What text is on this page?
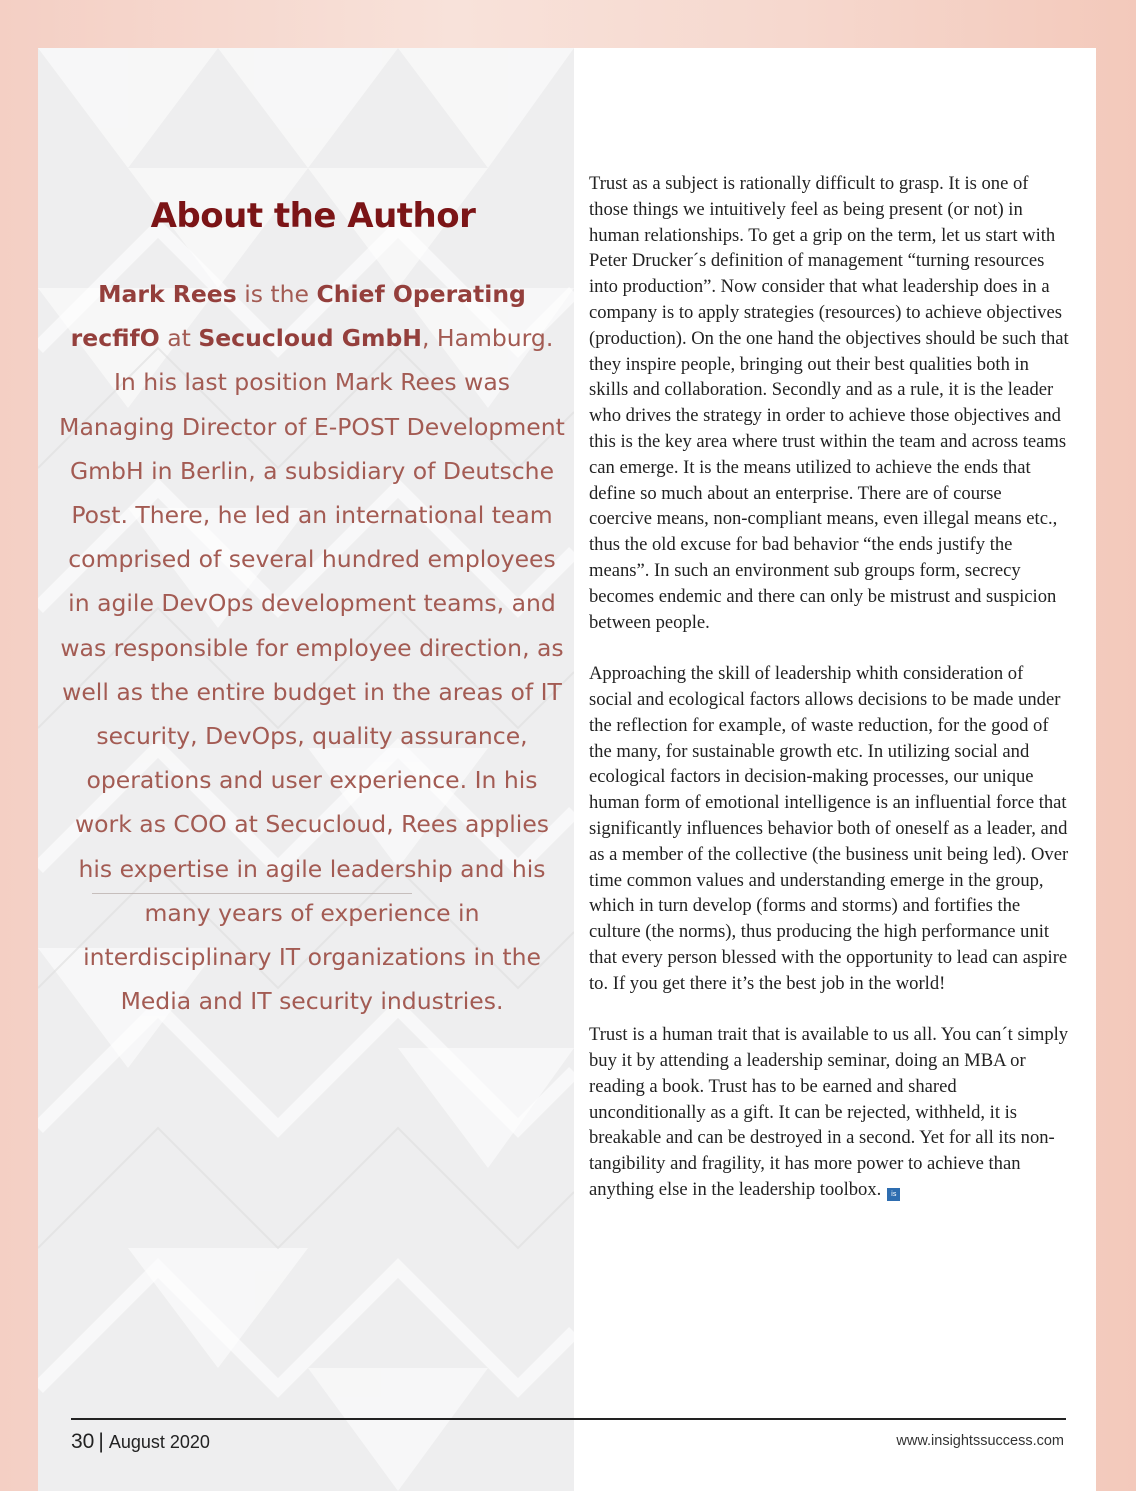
About the Author

Mark Rees is the Chief Operating recfifO at Secucloud GmbH, Hamburg. In his last position Mark Rees was Managing Director of E-POST Development GmbH in Berlin, a subsidiary of Deutsche Post. There, he led an international team comprised of several hundred employees in agile DevOps development teams, and was responsible for employee direction, as well as the entire budget in the areas of IT security, DevOps, quality assurance, operations and user experience. In his work as COO at Secucloud, Rees applies his expertise in agile leadership and his many years of experience in interdisciplinary IT organizations in the Media and IT security industries.

Trust as a subject is rationally difficult to grasp. It is one of those things we intuitively feel as being present (or not) in human relationships. To get a grip on the term, let us start with Peter Drucker´s definition of management “turning resources into production”. Now consider that what leadership does in a company is to apply strategies (resources) to achieve objectives (production). On the one hand the objectives should be such that they inspire people, bringing out their best qualities both in skills and collaboration. Secondly and as a rule, it is the leader who drives the strategy in order to achieve those objectives and this is the key area where trust within the team and across teams can emerge. It is the means utilized to achieve the ends that define so much about an enterprise. There are of course coercive means, non-compliant means, even illegal means etc., thus the old excuse for bad behavior “the ends justify the means”. In such an environment sub groups form, secrecy becomes endemic and there can only be mistrust and suspicion between people.

Approaching the skill of leadership whith consideration of social and ecological factors allows decisions to be made under the reflection for example, of waste reduction, for the good of the many, for sustainable growth etc. In utilizing social and ecological factors in decision-making processes, our unique human form of emotional intelligence is an influential force that significantly influences behavior both of oneself as a leader, and as a member of the collective (the business unit being led). Over time common values and understanding emerge in the group, which in turn develop (forms and storms) and fortifies the culture (the norms), thus producing the high performance unit that every person blessed with the opportunity to lead can aspire to. If you get there it’s the best job in the world!

Trust is a human trait that is available to us all. You can´t simply buy it by attending a leadership seminar, doing an MBA or reading a book. Trust has to be earned and shared unconditionally as a gift. It can be rejected, withheld, it is breakable and can be destroyed in a second. Yet for all its non-tangibility and fragility, it has more power to achieve than anything else in the leadership toolbox. is

30 | August 2020	www.insightssuccess.com
